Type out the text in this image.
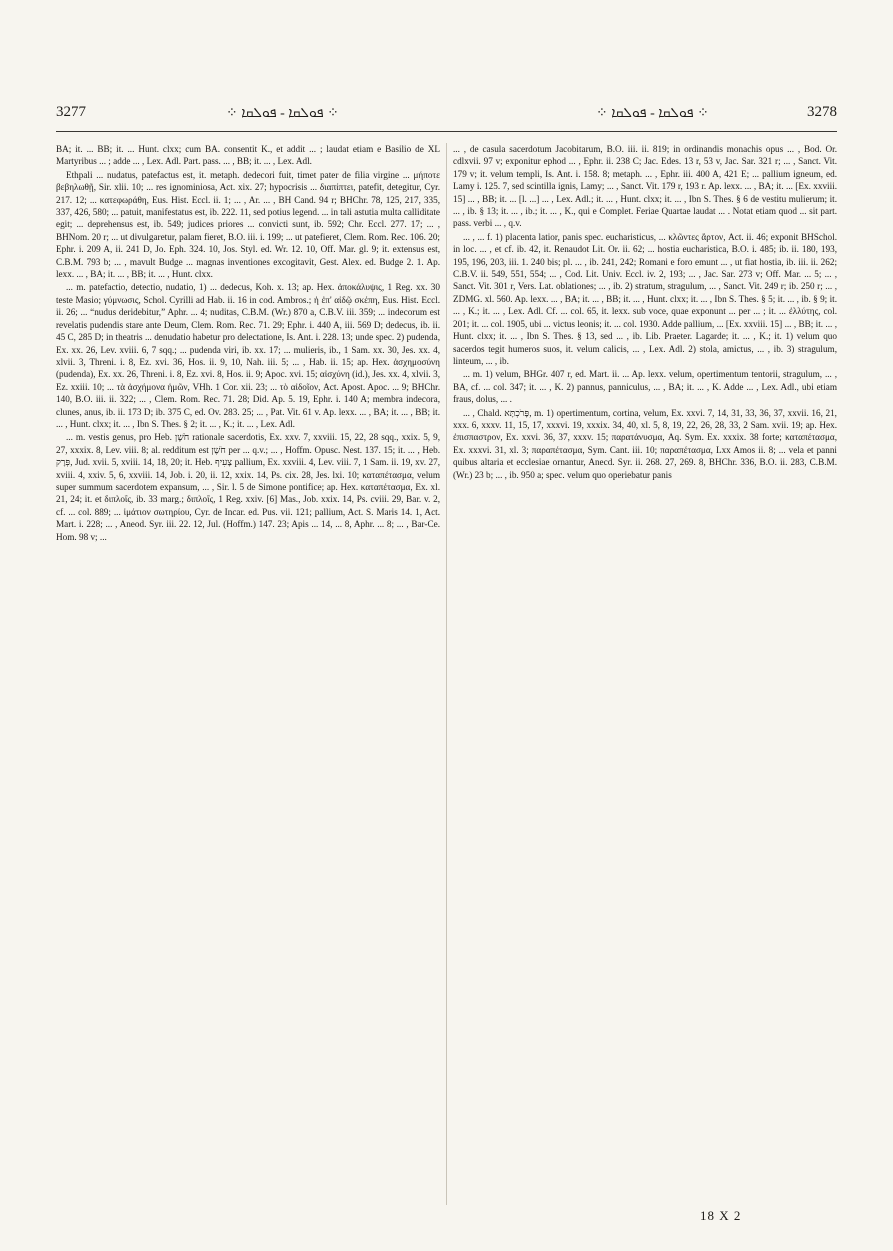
3277	⁘ ܦܘܠܩܐ - ܦܘܠܩܐ ⁘	⁘ ܦܘܠܩܐ - ܦܘܠܩܐ ⁘	3278

BA; it. ... BB; it. ... Hunt. clxx; cum BA. consentit K., et addit ... ; laudat etiam e Basilio de XL Martyribus ... ; adde ... , Lex. Adl. Part. pass. ... , BB; it. ... , Lex. Adl.

Ethpali ... nudatus, patefactus est, it. metaph. dedecori fuit, timet pater de filia virgine ... μήποτε βεβηλωθῇ, Sir. xlii. 10; ... res ignominiosa, Act. xix. 27; hypocrisis ... διαπίπτει, patefit, detegitur, Cyr. 217. 12; ... κατεφωράθη, Eus. Hist. Eccl. ii. 1; ... , Ar. ... , BH Cand. 94 r; BHChr. 78, 125, 217, 335, 337, 426, 580; ... patuit, manifestatus est, ib. 222. 11, sed potius legend. ... in tali astutia multa calliditate egit; ... deprehensus est, ib. 549; judices priores ... convicti sunt, ib. 592; Chr. Eccl. 277. 17; ... , BHNom. 20 r; ... ut divulgaretur, palam fieret, B.O. iii. i. 199; ... ut patefieret, Clem. Rom. Rec. 106. 20; Ephr. i. 209 A, ii. 241 D, Jo. Eph. 324. 10, Jos. Styl. ed. Wr. 12. 10, Off. Mar. gl. 9; it. extensus est, C.B.M. 793 b; ... , mavult Budge ... magnas inventiones excogitavit, Gest. Alex. ed. Budge 2. 1. Ap. lexx. ... , BA; it. ... , BB; it. ... , Hunt. clxx.

... m. patefactio, detectio, nudatio, 1) ... dedecus, Koh. x. 13; ap. Hex. ἀποκάλυψις, 1 Reg. xx. 30 teste Masio; γύμνωσις, Schol. Cyrilli ad Hab. ii. 16 in cod. Ambros.; ἡ ἐπ' αἰδῷ σκέπη, Eus. Hist. Eccl. ii. 26; ... “nudus deridebitur,” Aphr. ... 4; nuditas, C.B.M. (Wr.) 870 a, C.B.V. iii. 359; ... indecorum est revelatis pudendis stare ante Deum, Clem. Rom. Rec. 71. 29; Ephr. i. 440 A, iii. 569 D; dedecus, ib. ii. 45 C, 285 D; in theatris ... denudatio habetur pro delectatione, Is. Ant. i. 228. 13; unde spec. 2) pudenda, Ex. xx. 26, Lev. xviii. 6, 7 sqq.; ... pudenda viri, ib. xx. 17; ... mulieris, ib., 1 Sam. xx. 30, Jes. xx. 4, xlvii. 3, Threni. i. 8, Ez. xvi. 36, Hos. ii. 9, 10, Nah. iii. 5; ... , Hab. ii. 15; ap. Hex. ἀσχημοσύνη (pudenda), Ex. xx. 26, Threni. i. 8, Ez. xvi. 8, Hos. ii. 9; Apoc. xvi. 15; αἰσχύνη (id.), Jes. xx. 4, xlvii. 3, Ez. xxiii. 10; ... τὰ ἀσχήμονα ἡμῶν, VHh. 1 Cor. xii. 23; ... τὸ αἰδοῖον, Act. Apost. Apoc. ... 9; BHChr. 140, B.O. iii. ii. 322; ... , Clem. Rom. Rec. 71. 28; Did. Ap. 5. 19, Ephr. i. 140 A; membra indecora, clunes, anus, ib. ii. 173 D; ib. 375 C, ed. Ov. 283. 25; ... , Pat. Vit. 61 v. Ap. lexx. ... , BA; it. ... , BB; it. ... , Hunt. clxx; it. ... , Ibn S. Thes. § 2; it. ... , K.; it. ... , Lex. Adl.

... m. vestis genus, pro Heb. חֹשֶׁן rationale sacerdotis, Ex. xxv. 7, xxviii. 15, 22, 28 sqq., xxix. 5, 9, 27, xxxix. 8, Lev. viii. 8; al. redditum est חֹשֶׁן per ... q.v.; ... , Hoffm. Opusc. Nest. 137. 15; it. ... , Heb. פְּרָק, Jud. xvii. 5, xviii. 14, 18, 20; it. Heb. צָעִיף pallium, Ex. xxviii. 4, Lev. viii. 7, 1 Sam. ii. 19, xv. 27, xviii. 4, xxiv. 5, 6, xxviii. 14, Job. i. 20, ii. 12, xxix. 14, Ps. cix. 28, Jes. lxi. 10; καταπέτασμα, velum super summum sacerdotem expansum, ... , Sir. l. 5 de Simone pontifice; ap. Hex. καταπέτασμα, Ex. xl. 21, 24; it. et διπλοΐς, ib. 33 marg.; διπλοΐς, 1 Reg. xxiv. [6] Mas., Job. xxix. 14, Ps. cviii. 29, Bar. v. 2, cf. ... col. 889; ... ἱμάτιον σωτηρίου, Cyr. de Incar. ed. Pus. vii. 121; pallium, Act. S. Maris 14. 1, Act. Mart. i. 228; ... , Aneod. Syr. iii. 22. 12, Jul. (Hoffm.) 147. 23; Apis ... 14, ... 8, Aphr. ... 8; ... , Bar-Ce. Hom. 98 v; ...

... , de casula sacerdotum Jacobitarum, B.O. iii. ii. 819; in ordinandis monachis opus ... , Bod. Or. cdlxvii. 97 v; exponitur ephod ... , Ephr. ii. 238 C; Jac. Edes. 13 r, 53 v, Jac. Sar. 321 r; ... , Sanct. Vit. 179 v; it. velum templi, Is. Ant. i. 158. 8; metaph. ... , Ephr. iii. 400 A, 421 E; ... pallium igneum, ed. Lamy i. 125. 7, sed scintilla ignis, Lamy; ... , Sanct. Vit. 179 r, 193 r. Ap. lexx. ... , BA; it. ... [Ex. xxviii. 15] ... , BB; it. ... [l. ...] ... , Lex. Adl.; it. ... , Hunt. clxx; it. ... , Ibn S. Thes. § 6 de vestitu mulierum; it. ... , ib. § 13; it. ... , ib.; it. ... , K., qui e Complet. Feriae Quartae laudat ... . Notat etiam quod ... sit part. pass. verbi ... , q.v.

... , ... f. 1) placenta latior, panis spec. eucharisticus, ... κλῶντες ἄρτον, Act. ii. 46; exponit BHSchol. in loc. ... , et cf. ib. 42, it. Renaudot Lit. Or. ii. 62; ... hostia eucharistica, B.O. i. 485; ib. ii. 180, 193, 195, 196, 203, iii. 1. 240 bis; pl. ... , ib. 241, 242; Romani e foro emunt ... , ut fiat hostia, ib. iii. ii. 262; C.B.V. ii. 549, 551, 554; ... , Cod. Lit. Univ. Eccl. iv. 2, 193; ... , Jac. Sar. 273 v; Off. Mar. ... 5; ... , Sanct. Vit. 301 r, Vers. Lat. oblationes; ... , ib. 2) stratum, stragulum, ... , Sanct. Vit. 249 r; ib. 250 r; ... , ZDMG. xl. 560. Ap. lexx. ... , BA; it. ... , BB; it. ... , Hunt. clxx; it. ... , Ibn S. Thes. § 5; it. ... , ib. § 9; it. ... , K.; it. ... , Lex. Adl. Cf. ... col. 65, it. lexx. sub voce, quae exponunt ... per ... ; it. ... ἐλλύτης, col. 201; it. ... col. 1905, ubi ... victus leonis; it. ... col. 1930. Adde pallium, ... [Ex. xxviii. 15] ... , BB; it. ... , Hunt. clxx; it. ... , Ibn S. Thes. § 13, sed ... , ib. Lib. Praeter. Lagarde; it. ... , K.; it. 1) velum quo sacerdos tegit humeros suos, it. velum calicis, ... , Lex. Adl. 2) stola, amictus, ... , ib. 3) stragulum, linteum, ... , ib.

... m. 1) velum, BHGr. 407 r, ed. Mart. ii. ... Ap. lexx. velum, opertimentum tentorii, stragulum, ... , BA, cf. ... col. 347; it. ... , K. 2) pannus, panniculus, ... , BA; it. ... , K. Adde ... , Lex. Adl., ubi etiam fraus, dolus, ... .

... , Chald. פָּרֹכְתָּא, m. 1) opertimentum, cortina, velum, Ex. xxvi. 7, 14, 31, 33, 36, 37, xxvii. 16, 21, xxx. 6, xxxv. 11, 15, 17, xxxvi. 19, xxxix. 34, 40, xl. 5, 8, 19, 22, 26, 28, 33, 2 Sam. xvii. 19; ap. Hex. ἐπισπαστρον, Ex. xxvi. 36, 37, xxxv. 15; παρατάνυσμα, Aq. Sym. Ex. xxxix. 38 forte; καταπέτασμα, Ex. xxxvi. 31, xl. 3; παραπέτασμα, Sym. Cant. iii. 10; παραπέτασμα, Lxx Amos ii. 8; ... vela et panni quibus altaria et ecclesiae ornantur, Anecd. Syr. ii. 268. 27, 269. 8, BHChr. 336, B.O. ii. 283, C.B.M. (Wr.) 23 b; ... , ib. 950 a; spec. velum quo operiebatur panis

18 X 2
